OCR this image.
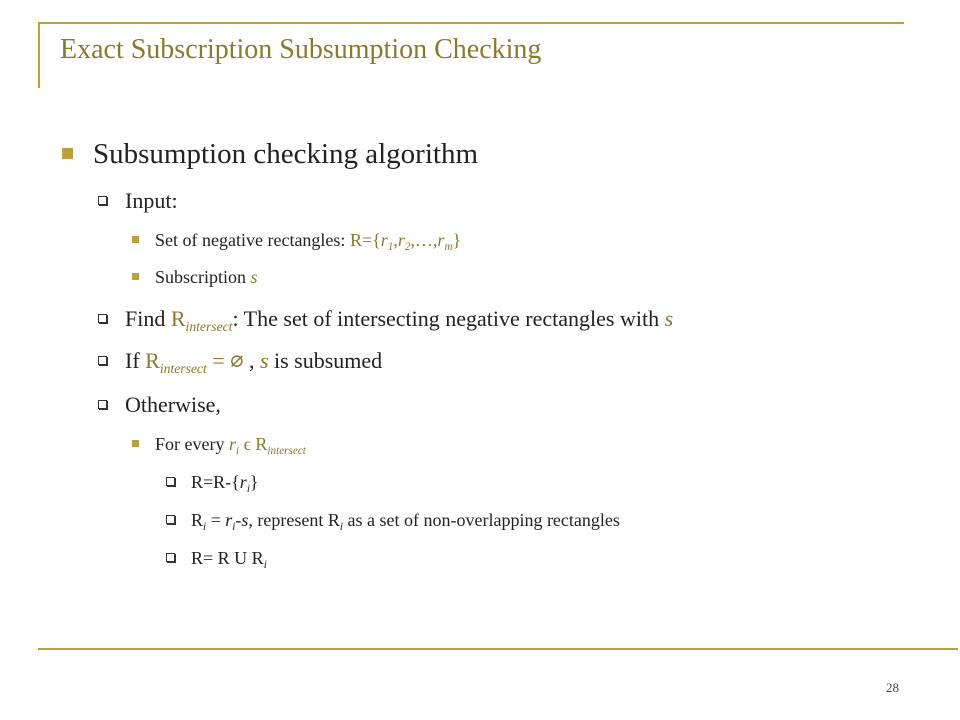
Exact Subscription Subsumption Checking
Subsumption checking algorithm
Input:
Set of negative rectangles: $R=\{r_1,r_2,\dots,r_m\}$
Subscription s
Find $R_{intersect}$: The set of intersecting negative rectangles with s
If $R_{intersect}$ = ∅ , s is subsumed
Otherwise,
For every $r_i$ ϵ $R_{intersect}$
$R=R-\{r_i\}$
$R_i = r_i-s$, represent $R_i$ as a set of non-overlapping rectangles
R= R U $R_i$
28
